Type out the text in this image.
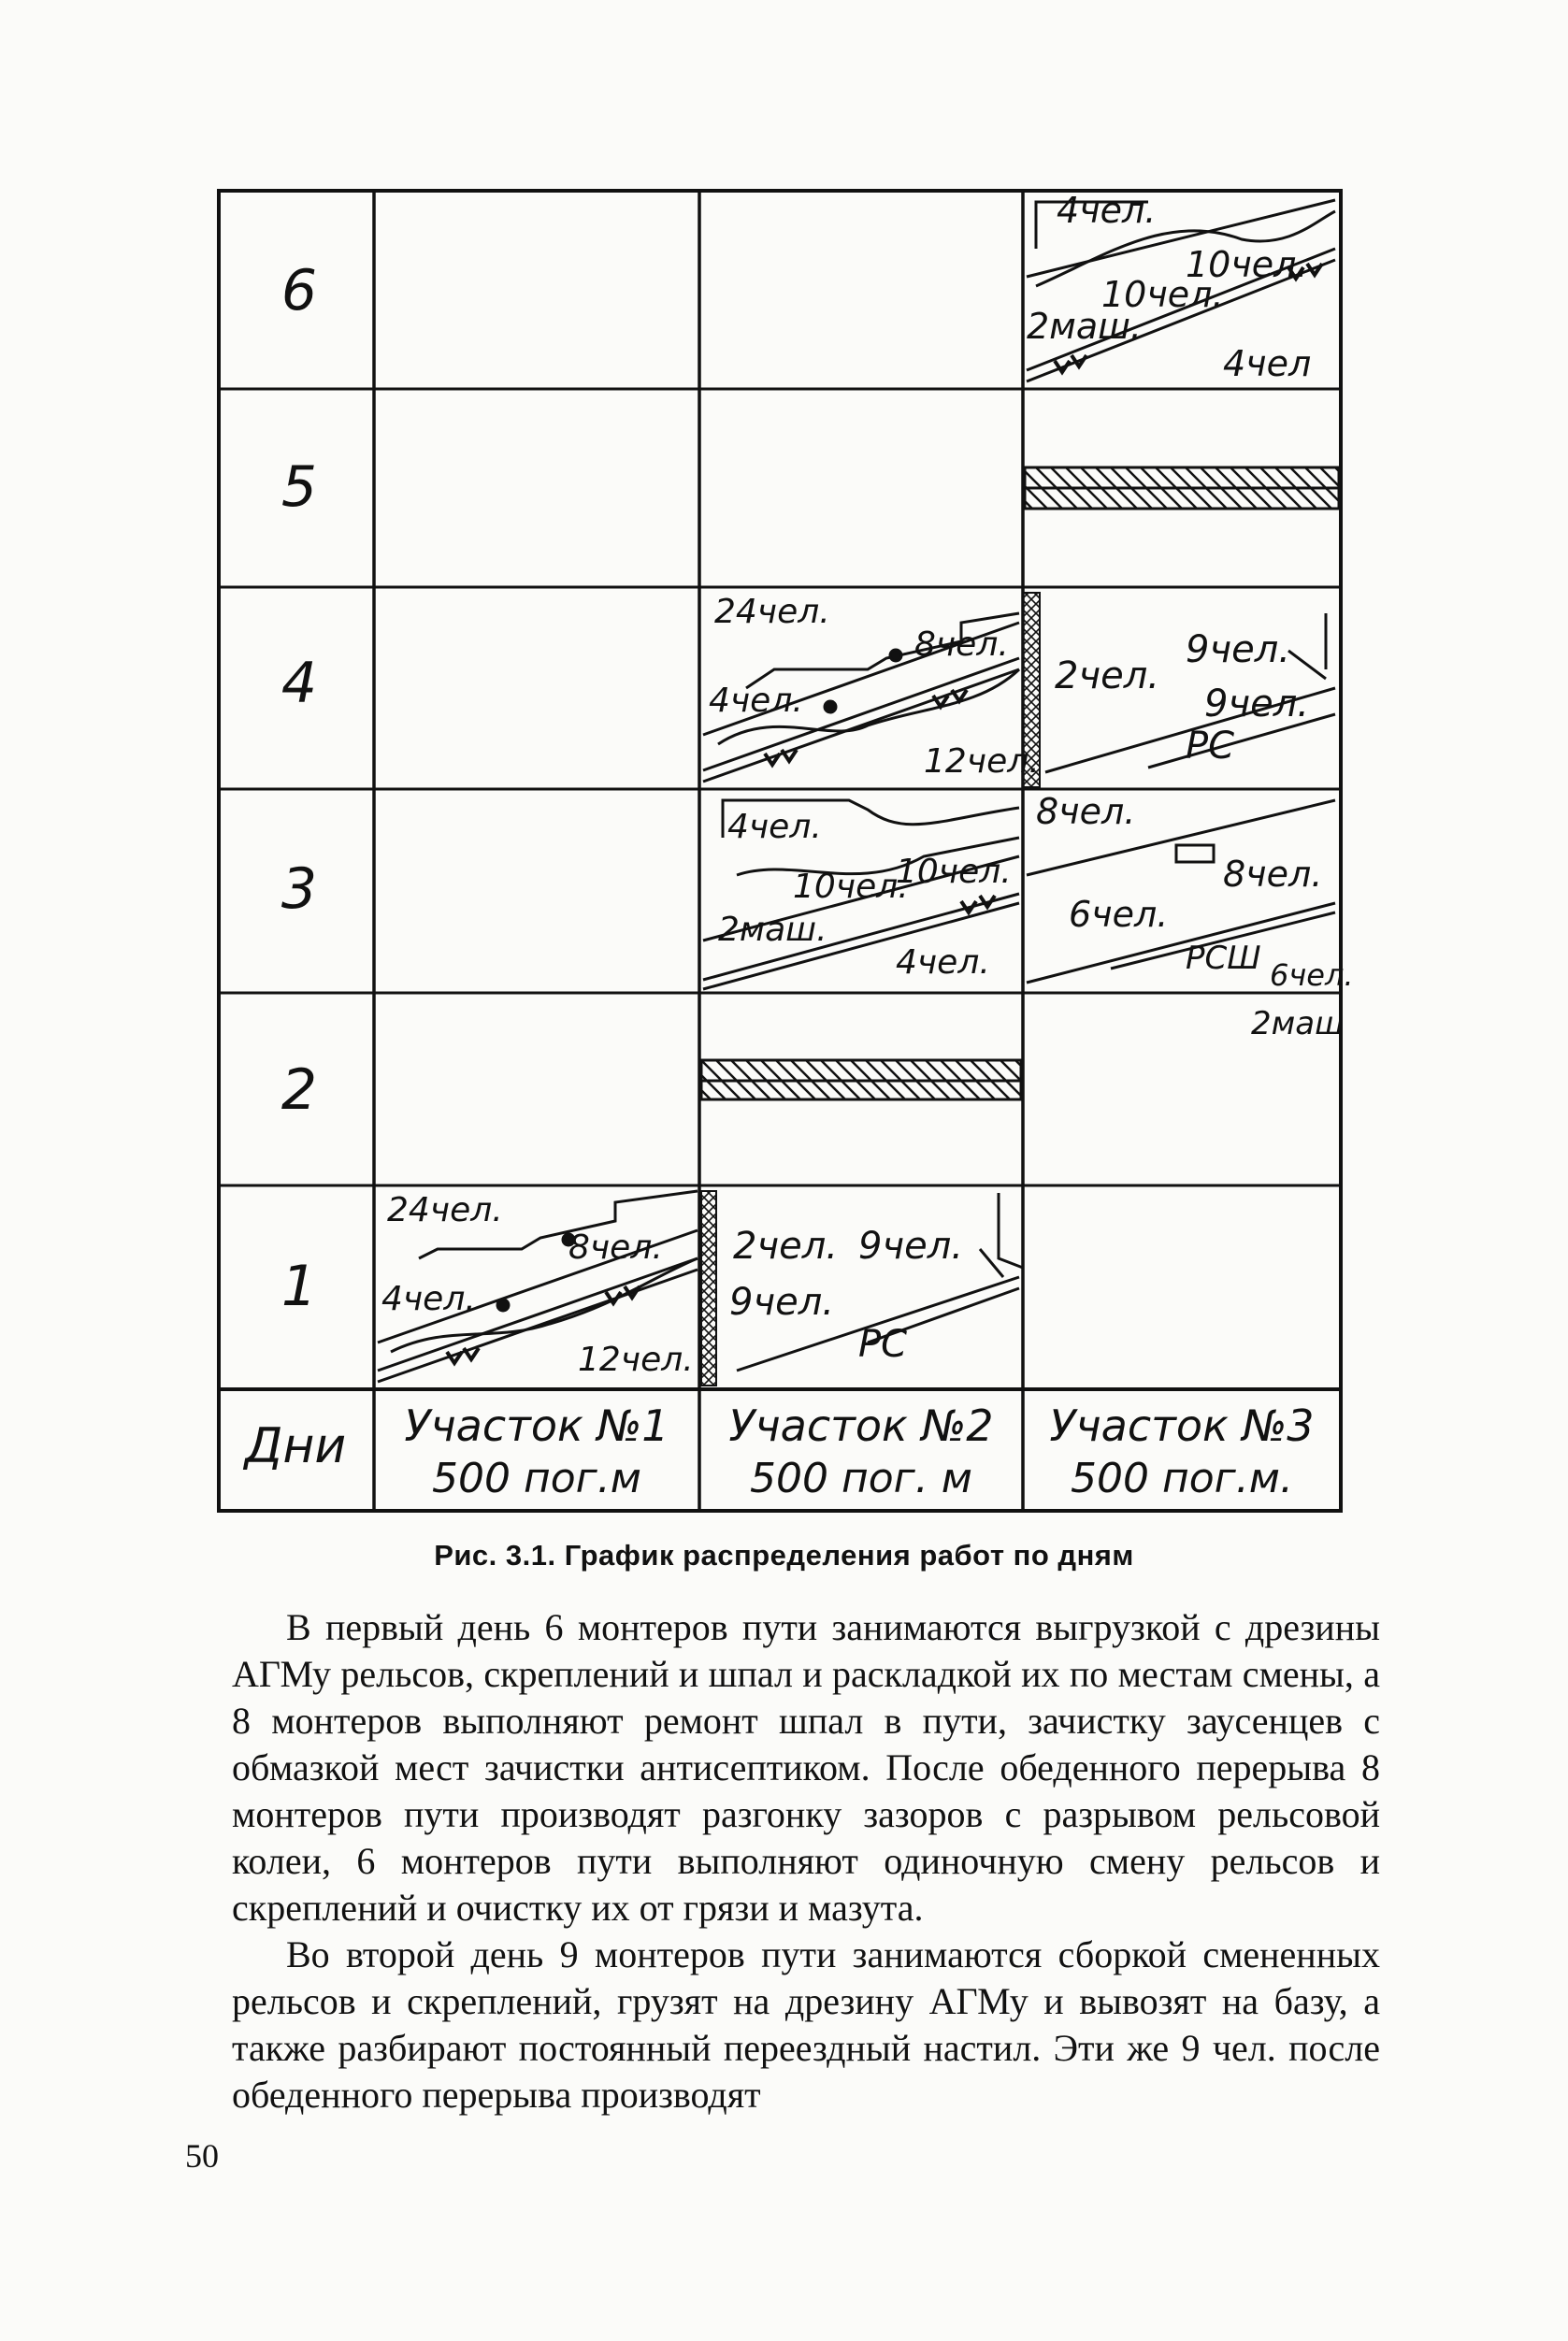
6
5
4
3
2
1
Дни Участок №1
500 пог.м
Участок №2
500 пог. м
Участок №3
500 пог.м.
4чел.
10чел.
10чел.
2маш.
4чел
24чел.
8чел.
4чел.
12чел.
2чел.
9чел.
9чел.
РС
4чел.
10чел.
10чел.
2маш.
4чел.
8чел.
8чел.
6чел.
РСШ 6чел.
2маш
24чел.
8чел.
4чел.
12чел.
2чел. 9чел.
9чел.
РС
Рис. 3.1. График распределения работ по дням

В первый день 6 монтеров пути занимаются выгрузкой с дрезины АГМу рельсов, скреплений и шпал и раскладкой их по местам смены, а 8 монтеров выполняют ремонт шпал в пути, зачистку заусенцев с обмазкой мест зачистки антисептиком. После обеденного перерыва 8 монтеров пути производят разгонку зазоров с разрывом рельсовой колеи, 6 монтеров пути выполняют одиночную смену рельсов и скреплений и очистку их от грязи и мазута.

Во второй день 9 монтеров пути занимаются сборкой смененных рельсов и скреплений, грузят на дрезину АГМу и вывозят на базу, а также разбирают постоянный переездный настил. Эти же 9 чел. после обеденного перерыва производят

50
